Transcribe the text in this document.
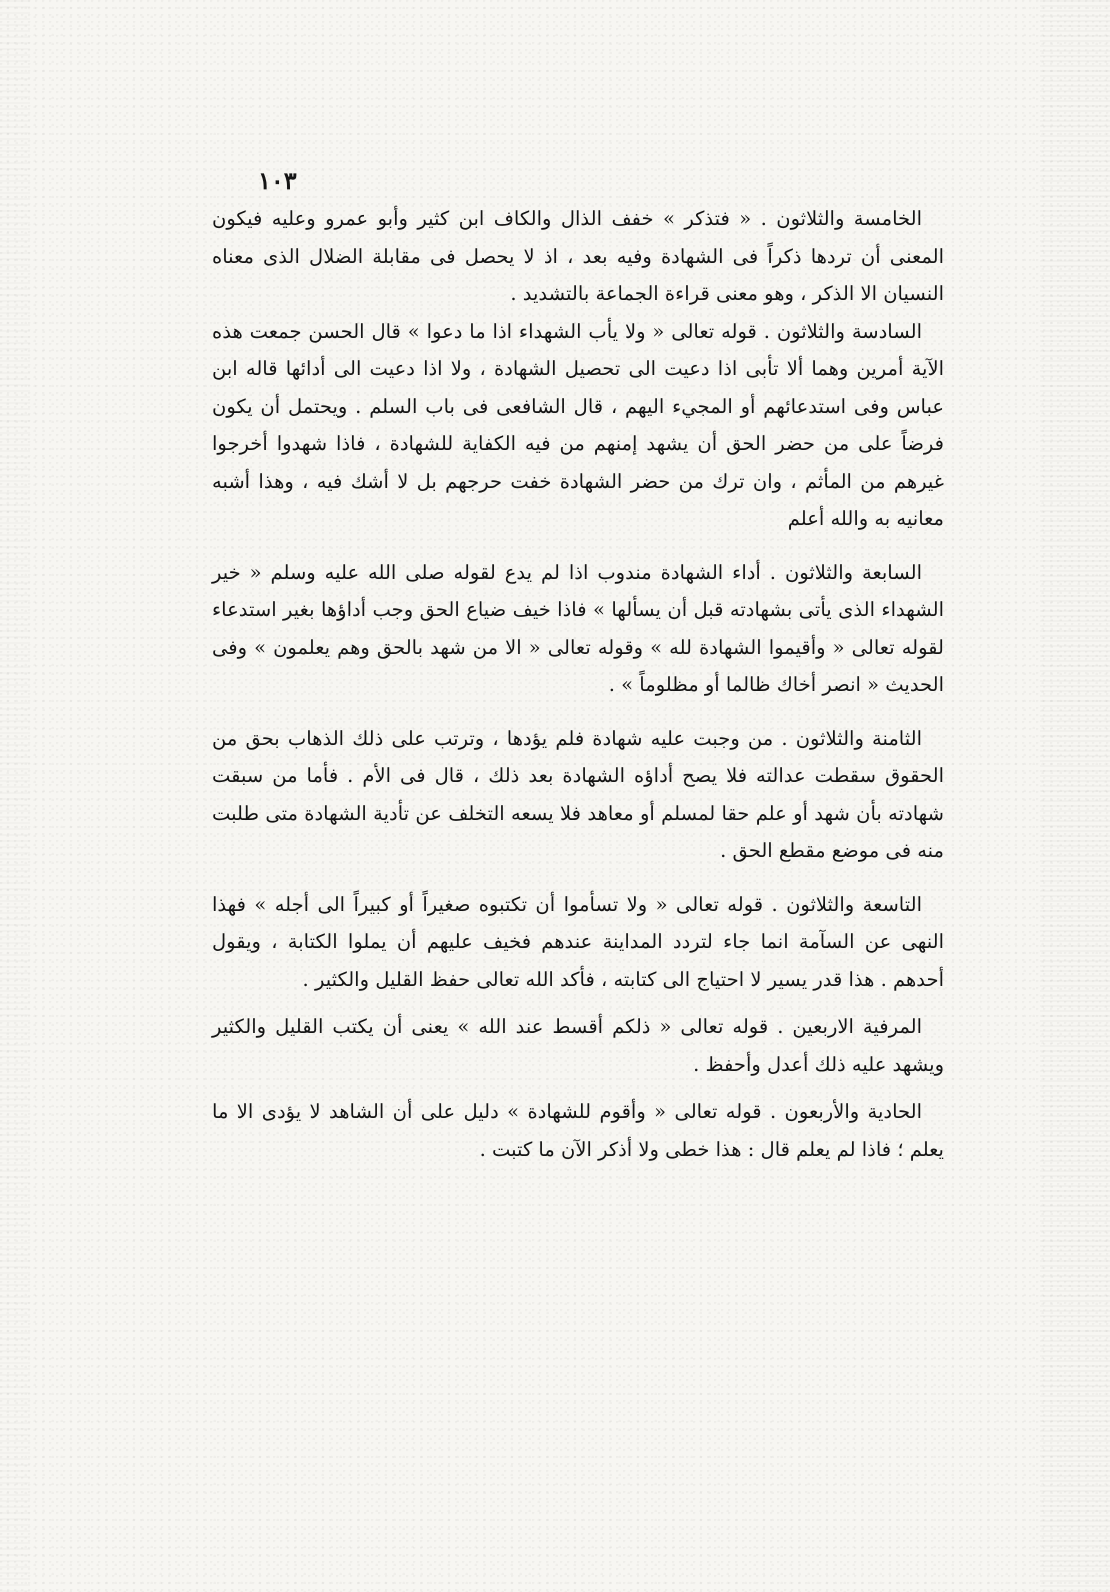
١٠٣

الخامسة والثلاثون . « فتذكر » خفف الذال والكاف ابن كثير وأبو عمرو وعليه فيكون المعنى أن تردها ذكراً فى الشهادة وفيه بعد ، اذ لا يحصل فى مقابلة الضلال الذى معناه النسيان الا الذكر ، وهو معنى قراءة الجماعة بالتشديد .

السادسة والثلاثون . قوله تعالى « ولا يأب الشهداء اذا ما دعوا » قال الحسن جمعت هذه الآية أمرين وهما ألا تأبى اذا دعيت الى تحصيل الشهادة ، ولا اذا دعيت الى أدائها قاله ابن عباس وفى استدعائهم أو المجيء اليهم ، قال الشافعى فى باب السلم . ويحتمل أن يكون فرضاً على من حضر الحق أن يشهد إمنهم من فيه الكفاية للشهادة ، فاذا شهدوا أخرجوا غيرهم من المأثم ، وان ترك من حضر الشهادة خفت حرجهم بل لا أشك فيه ، وهذا أشبه معانيه به والله أعلم

السابعة والثلاثون . أداء الشهادة مندوب اذا لم يدع لقوله صلى الله عليه وسلم « خير الشهداء الذى يأتى بشهادته قبل أن يسألها » فاذا خيف ضياع الحق وجب أداؤها بغير استدعاء لقوله تعالى « وأقيموا الشهادة لله » وقوله تعالى « الا من شهد بالحق وهم يعلمون » وفى الحديث « انصر أخاك ظالما أو مظلوماً » .

الثامنة والثلاثون . من وجبت عليه شهادة فلم يؤدها ، وترتب على ذلك الذهاب بحق من الحقوق سقطت عدالته فلا يصح أداؤه الشهادة بعد ذلك ، قال فى الأم . فأما من سبقت شهادته بأن شهد أو علم حقا لمسلم أو معاهد فلا يسعه التخلف عن تأدية الشهادة متى طلبت منه فى موضع مقطع الحق .

التاسعة والثلاثون . قوله تعالى « ولا تسأموا أن تكتبوه صغيراً أو كبيراً الى أجله » فهذا النهى عن السآمة انما جاء لتردد المداينة عندهم فخيف عليهم أن يملوا الكتابة ، ويقول أحدهم . هذا قدر يسير لا احتياج الى كتابته ، فأكد الله تعالى حفظ القليل والكثير .

المرفية الاربعين . قوله تعالى « ذلكم أقسط عند الله » يعنى أن يكتب القليل والكثير ويشهد عليه ذلك أعدل وأحفظ .

الحادية والأربعون . قوله تعالى « وأقوم للشهادة » دليل على أن الشاهد لا يؤدى الا ما يعلم ؛ فاذا لم يعلم قال : هذا خطى ولا أذكر الآن ما كتبت .
